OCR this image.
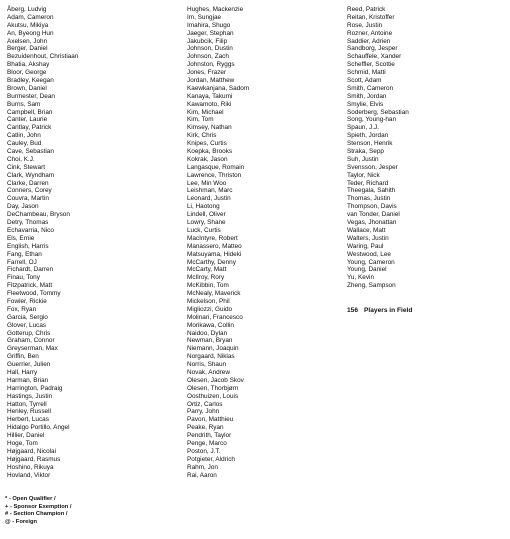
Åberg, Ludvig
Adam, Cameron
Akutsu, Mikiya
An, Byeong Hun
Axelsen, John
Berger, Daniel
Bezuidenhout, Christiaan
Bhatia, Akshay
Bloor, George
Bradley, Keegan
Brown, Daniel
Burmester, Dean
Burns, Sam
Campbell, Brian
Canter, Laurie
Cantlay, Patrick
Catlin, John
Cauley, Bud
Cave, Sebastian
Choi, K.J.
Cink, Stewart
Clark, Wyndham
Clarke, Darren
Conners, Corey
Couvra, Martin
Day, Jason
DeChambeau, Bryson
Detry, Thomas
Echavarria, Nico
Els, Ernie
English, Harris
Fang, Ethan
Farrell, OJ
Fichardt, Darren
Finau, Tony
Fitzpatrick, Matt
Fleetwood, Tommy
Fowler, Rickie
Fox, Ryan
Garcia, Sergio
Glover, Lucas
Gotterup, Chris
Graham, Connor
Greyserman, Max
Griffin, Ben
Guerrier, Julien
Hall, Harry
Harman, Brian
Harrington, Padraig
Hastings, Justin
Hatton, Tyrrell
Henley, Russell
Herbert, Lucas
Hidalgo Portillo, Angel
Hillier, Daniel
Hoge, Tom
Højgaard, Nicolai
Højgaard, Rasmus
Hoshino, Rikuya
Hovland, Viktor
Hughes, Mackenzie
Im, Sungjae
Imahira, Shugo
Jaeger, Stephan
Jakubcik, Filip
Johnson, Dustin
Johnson, Zach
Johnston, Ryggs
Jones, Frazer
Jordan, Matthew
Kaewkanjana, Sadom
Kanaya, Takumi
Kawamoto, Riki
Kim, Michael
Kim, Tom
Kimsey, Nathan
Kirk, Chris
Knipes, Curtis
Koepka, Brooks
Kokrak, Jason
Langasque, Romain
Lawrence, Thriston
Lee, Min Woo
Leishman, Marc
Leonard, Justin
Li, Haotong
Lindell, Oliver
Lowry, Shane
Luck, Curtis
MacIntyre, Robert
Manassero, Matteo
Matsuyama, Hideki
McCarthy, Denny
McCarty, Matt
McIlroy, Rory
McKibbin, Tom
McNealy, Maverick
Mickelson, Phil
Migliozzi, Guido
Molinari, Francesco
Morikawa, Collin
Naidoo, Dylan
Newman, Bryan
Niemann, Joaquin
Norgaard, Niklas
Norris, Shaun
Novak, Andrew
Olesen, Jacob Skov
Olesen, Thorbjørn
Oosthuizen, Louis
Ortiz, Carlos
Parry, John
Pavon, Matthieu
Peake, Ryan
Pendrith, Taylor
Penge, Marco
Poston, J.T.
Potgieter, Aldrich
Rahm, Jon
Rai, Aaron
Reed, Patrick
Reitan, Kristoffer
Rose, Justin
Rozner, Antoine
Saddier, Adrien
Sandborg, Jesper
Schauffele, Xander
Scheffler, Scottie
Schmid, Matti
Scott, Adam
Smith, Cameron
Smith, Jordan
Smylie, Elvis
Soderberg, Sebastian
Song, Young-han
Spaun, J.J.
Spieth, Jordan
Stenson, Henrik
Straka, Sepp
Suh, Justin
Svensson, Jesper
Taylor, Nick
Teder, Richard
Theegala, Sahith
Thomas, Justin
Thompson, Davis
van Tonder, Daniel
Vegas, Jhonattan
Wallace, Matt
Walters, Justin
Waring, Paul
Westwood, Lee
Young, Cameron
Young, Daniel
Yu, Kevin
Zheng, Sampson
156 Players in Field
* - Open Qualifier /
+ - Sponsor Exemption /
# - Section Champion /
@ - Foreign
